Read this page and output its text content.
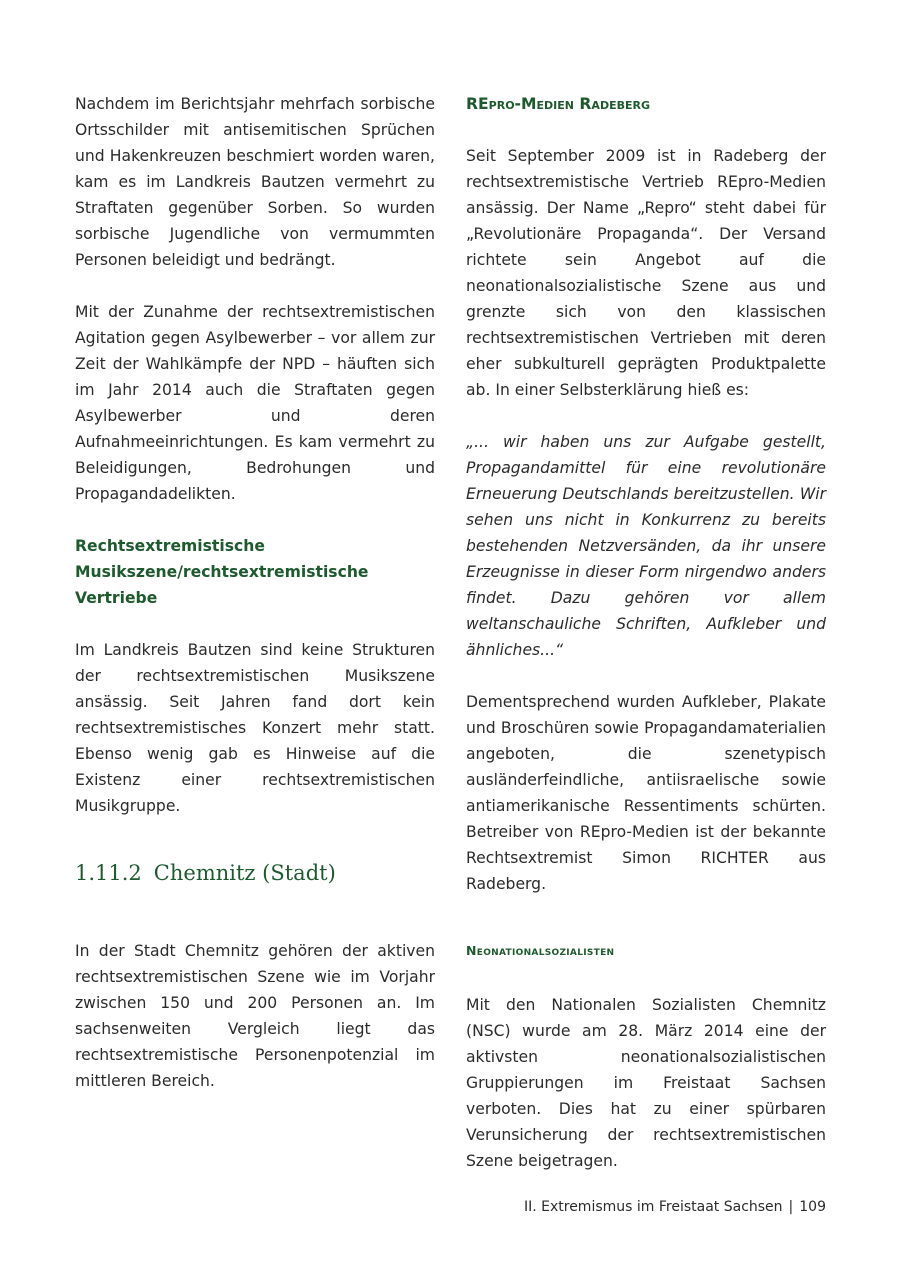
Nachdem im Berichtsjahr mehrfach sorbische Ortsschilder mit antisemitischen Sprüchen und Hakenkreuzen beschmiert worden waren, kam es im Landkreis Bautzen vermehrt zu Straftaten gegenüber Sorben. So wurden sorbische Jugendliche von vermummten Personen beleidigt und bedrängt.

Mit der Zunahme der rechtsextremistischen Agitation gegen Asylbewerber – vor allem zur Zeit der Wahlkämpfe der NPD – häuften sich im Jahr 2014 auch die Straftaten gegen Asylbewerber und deren Aufnahmeeinrichtungen. Es kam vermehrt zu Beleidigungen, Bedrohungen und Propagandadelikten.

Rechtsextremistische Musikszene/rechtsextremistische Vertriebe

Im Landkreis Bautzen sind keine Strukturen der rechtsextremistischen Musikszene ansässig. Seit Jahren fand dort kein rechtsextremistisches Konzert mehr statt. Ebenso wenig gab es Hinweise auf die Existenz einer rechtsextremistischen Musikgruppe.

REpro-Medien Radeberg

Seit September 2009 ist in Radeberg der rechtsextremistische Vertrieb REpro-Medien ansässig. Der Name „Repro“ steht dabei für „Revolutionäre Propaganda“. Der Versand richtete sein Angebot auf die neonationalsozialistische Szene aus und grenzte sich von den klassischen rechtsextremistischen Vertrieben mit deren eher subkulturell geprägten Produktpalette ab. In einer Selbsterklärung hieß es:

„... wir haben uns zur Aufgabe gestellt, Propagandamittel für eine revolutionäre Erneuerung Deutschlands bereitzustellen. Wir sehen uns nicht in Konkurrenz zu bereits bestehenden Netzversänden, da ihr unsere Erzeugnisse in dieser Form nirgendwo anders findet. Dazu gehören vor allem weltanschauliche Schriften, Aufkleber und ähnliches...“

Dementsprechend wurden Aufkleber, Plakate und Broschüren sowie Propagandamaterialien angeboten, die szenetypisch ausländerfeindliche, antiisraelische sowie antiamerikanische Ressentiments schürten. Betreiber von REpro-Medien ist der bekannte Rechtsextremist Simon RICHTER aus Radeberg.

1.11.2 Chemnitz (Stadt)

In der Stadt Chemnitz gehören der aktiven rechtsextremistischen Szene wie im Vorjahr zwischen 150 und 200 Personen an. Im sachsenweiten Vergleich liegt das rechtsextremistische Personenpotenzial im mittleren Bereich.

Neonationalsozialisten

Mit den Nationalen Sozialisten Chemnitz (NSC) wurde am 28. März 2014 eine der aktivsten neonationalsozialistischen Gruppierungen im Freistaat Sachsen verboten. Dies hat zu einer spürbaren Verunsicherung der rechtsextremistischen Szene beigetragen.

II. Extremismus im Freistaat Sachsen | 109
